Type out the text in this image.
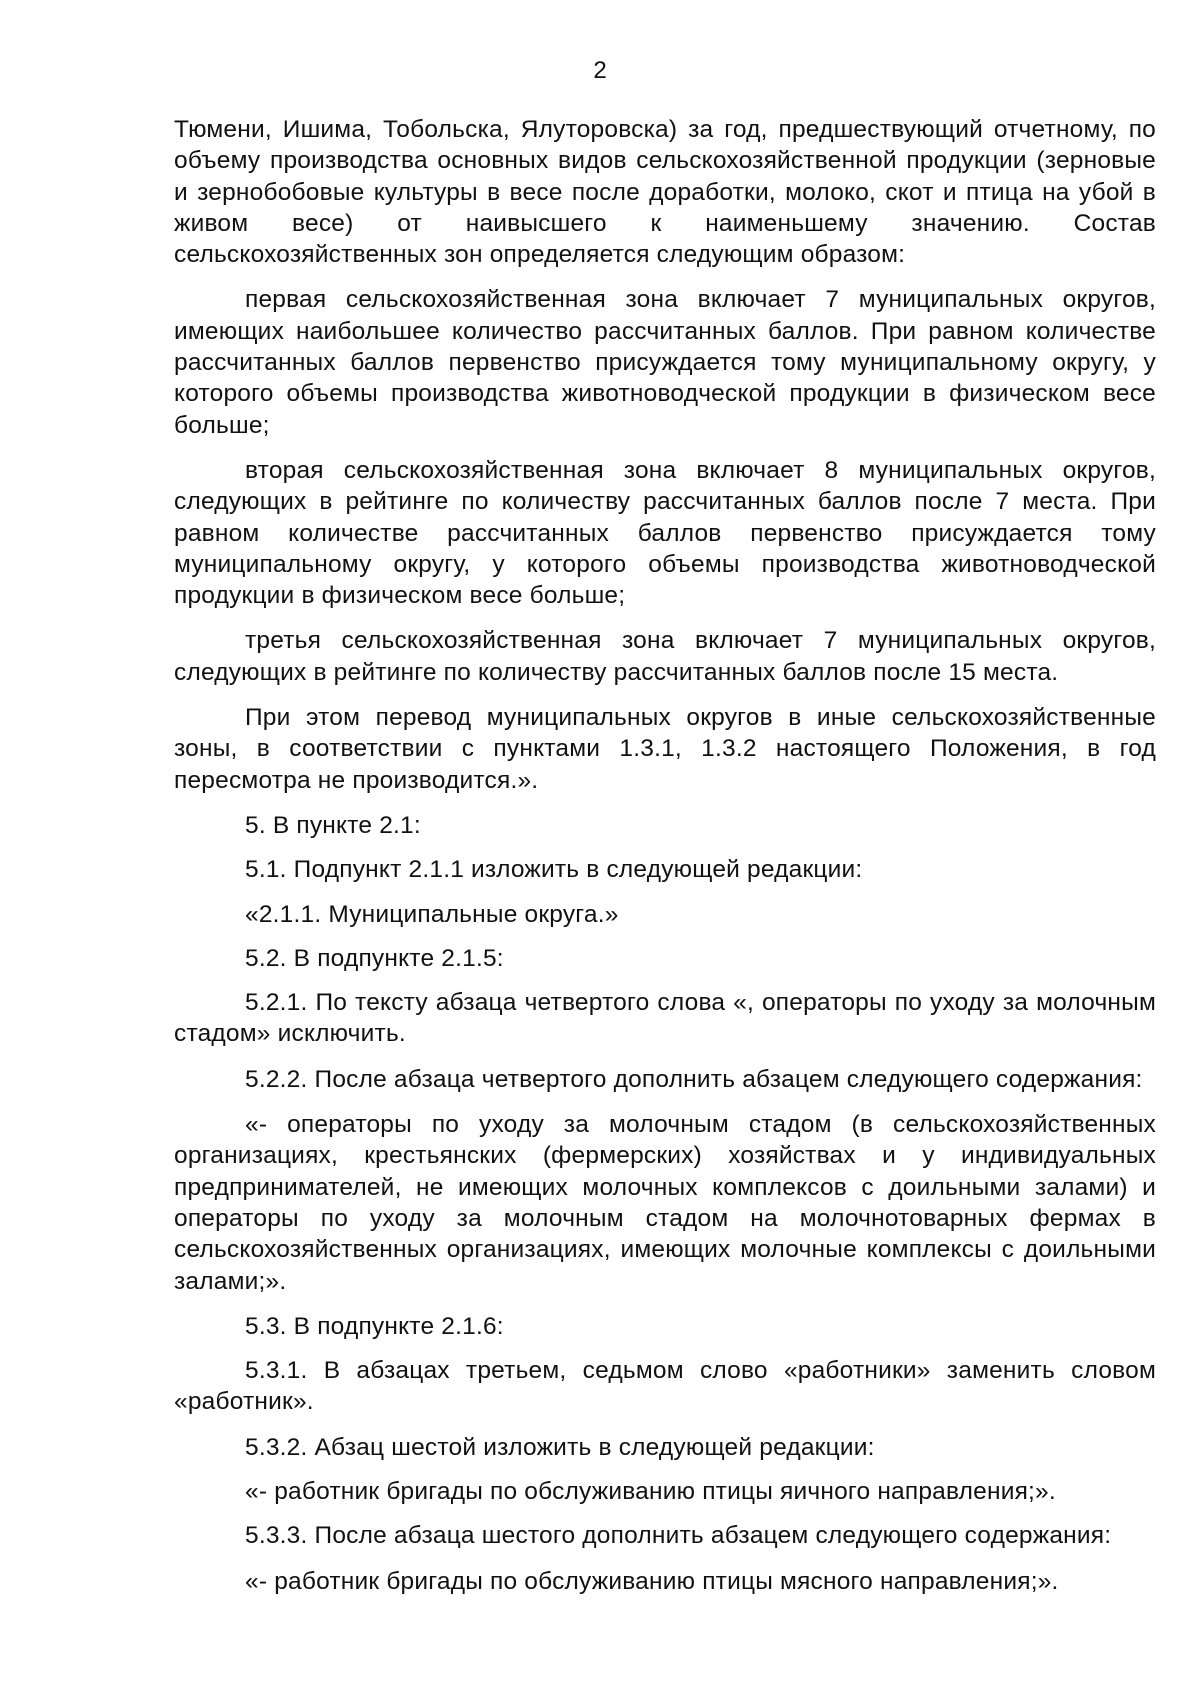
2

Тюмени, Ишима, Тобольска, Ялуторовска) за год, предшествующий отчетному, по объему производства основных видов сельскохозяйственной продукции (зерновые и зернобобовые культуры в весе после доработки, молоко, скот и птица на убой в живом весе) от наивысшего к наименьшему значению. Состав сельскохозяйственных зон определяется следующим образом:

первая сельскохозяйственная зона включает 7 муниципальных округов, имеющих наибольшее количество рассчитанных баллов. При равном количестве рассчитанных баллов первенство присуждается тому муниципальному округу, у которого объемы производства животноводческой продукции в физическом весе больше;

вторая сельскохозяйственная зона включает 8 муниципальных округов, следующих в рейтинге по количеству рассчитанных баллов после 7 места. При равном количестве рассчитанных баллов первенство присуждается тому муниципальному округу, у которого объемы производства животноводческой продукции в физическом весе больше;

третья сельскохозяйственная зона включает 7 муниципальных округов, следующих в рейтинге по количеству рассчитанных баллов после 15 места.

При этом перевод муниципальных округов в иные сельскохозяйственные зоны, в соответствии с пунктами 1.3.1, 1.3.2 настоящего Положения, в год пересмотра не производится.».

5. В пункте 2.1:

5.1. Подпункт 2.1.1 изложить в следующей редакции:

«2.1.1. Муниципальные округа.»

5.2. В подпункте 2.1.5:

5.2.1. По тексту абзаца четвертого слова «, операторы по уходу за молочным стадом» исключить.

5.2.2. После абзаца четвертого дополнить абзацем следующего содержания:

«- операторы по уходу за молочным стадом (в сельскохозяйственных организациях, крестьянских (фермерских) хозяйствах и у индивидуальных предпринимателей, не имеющих молочных комплексов с доильными залами) и операторы по уходу за молочным стадом на молочнотоварных фермах в сельскохозяйственных организациях, имеющих молочные комплексы с доильными залами;».

5.3. В подпункте 2.1.6:

5.3.1. В абзацах третьем, седьмом слово «работники» заменить словом «работник».

5.3.2. Абзац шестой изложить в следующей редакции:

«- работник бригады по обслуживанию птицы яичного направления;».

5.3.3. После абзаца шестого дополнить абзацем следующего содержания:

«- работник бригады по обслуживанию птицы мясного направления;».
